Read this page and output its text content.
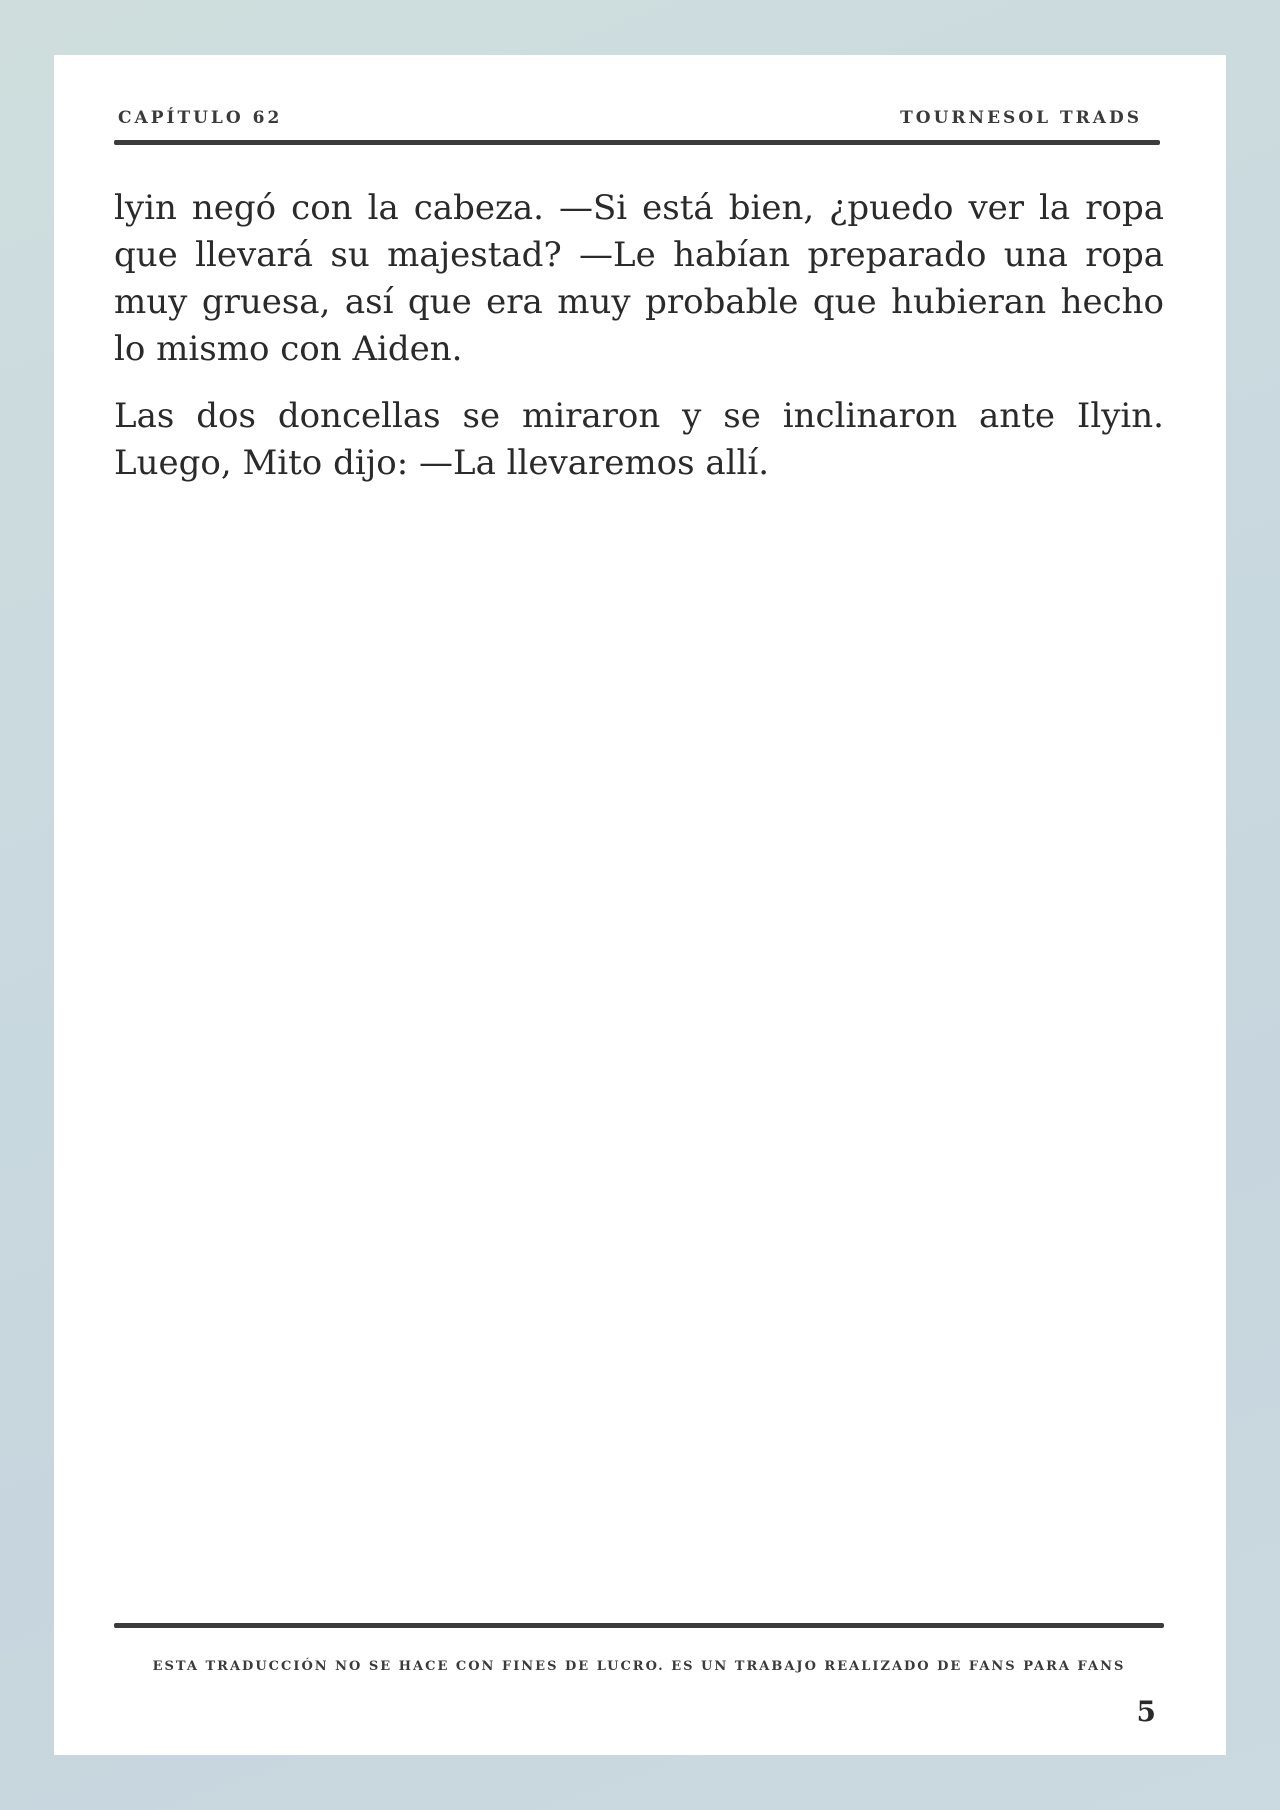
CAPÍTULO 62	TOURNESOL TRADS

lyin negó con la cabeza. —Si está bien, ¿puedo ver la ropa que llevará su majestad? —Le habían preparado una ropa muy gruesa, así que era muy probable que hubieran hecho lo mismo con Aiden.

Las dos doncellas se miraron y se inclinaron ante Ilyin. Luego, Mito dijo: —La llevaremos allí.

ESTA TRADUCCIÓN NO SE HACE CON FINES DE LUCRO. ES UN TRABAJO REALIZADO DE FANS PARA FANS
5
